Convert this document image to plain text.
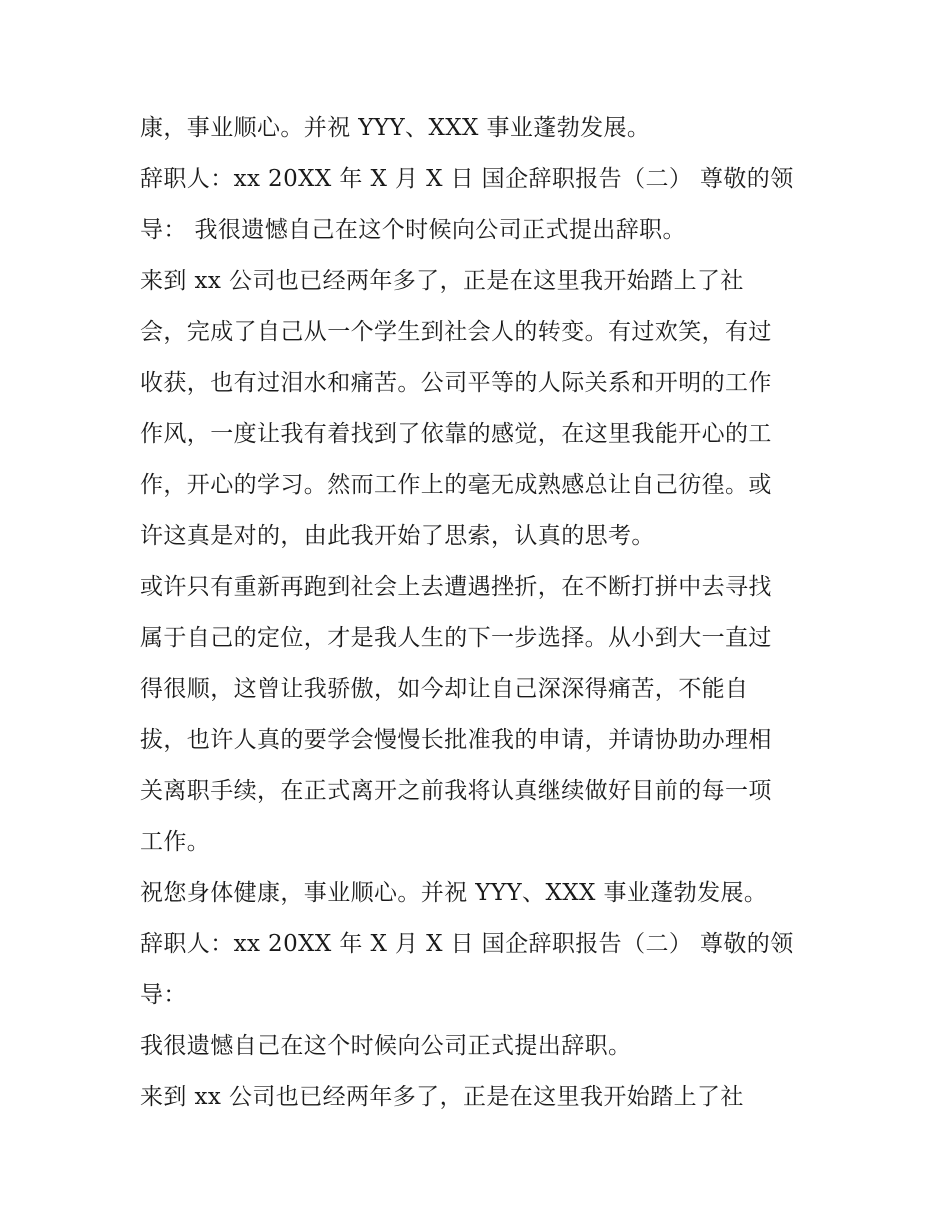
康，事业顺心。并祝 YYY、XXX 事业蓬勃发展。
辞职人：xx 20XX 年 X 月 X 日 国企辞职报告（二） 尊敬的领
导： 我很遗憾自己在这个时候向公司正式提出辞职。
来到 xx 公司也已经两年多了，正是在这里我开始踏上了社
会，完成了自己从一个学生到社会人的转变。有过欢笑，有过
收获，也有过泪水和痛苦。公司平等的人际关系和开明的工作
作风，一度让我有着找到了依靠的感觉，在这里我能开心的工
作，开心的学习。然而工作上的毫无成熟感总让自己彷徨。或
许这真是对的，由此我开始了思索，认真的思考。
或许只有重新再跑到社会上去遭遇挫折，在不断打拼中去寻找
属于自己的定位，才是我人生的下一步选择。从小到大一直过
得很顺，这曾让我骄傲，如今却让自己深深得痛苦，不能自
拔，也许人真的要学会慢慢长批准我的申请，并请协助办理相
关离职手续，在正式离开之前我将认真继续做好目前的每一项
工作。
祝您身体健康，事业顺心。并祝 YYY、XXX 事业蓬勃发展。
辞职人：xx 20XX 年 X 月 X 日 国企辞职报告（二） 尊敬的领
导：
我很遗憾自己在这个时候向公司正式提出辞职。
来到 xx 公司也已经两年多了，正是在这里我开始踏上了社
